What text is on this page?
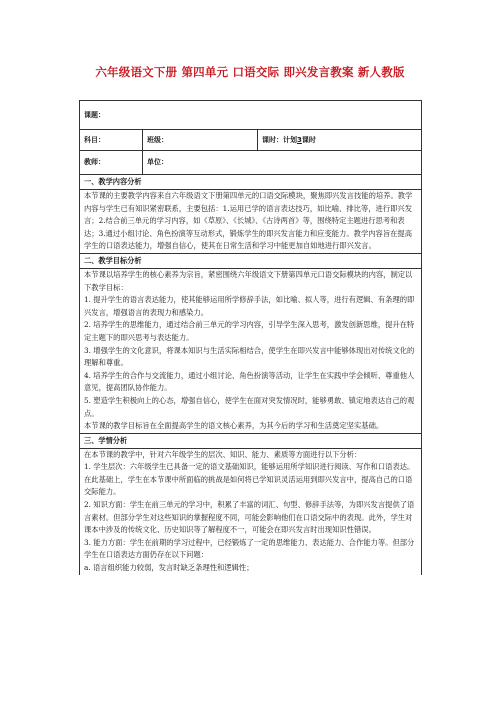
六年级语文下册 第四单元 口语交际 即兴发言教案 新人教版
课题：
科目：	班级：	课时：计划 3 课时
教师：	单位：
一、教学内容分析

本节课的主要教学内容来自六年级语文下册第四单元的口语交际模块，聚焦即兴发言技能的培养。教学内容与学生已有知识紧密联系，主要包括：1.运用已学的语言表达技巧，如比喻、排比等，进行即兴发言；2.结合前三单元的学习内容，如《草原》、《长城》、《古诗两首》等，围绕特定主题进行思考和表达；3.通过小组讨论、角色扮演等互动形式，锻炼学生的即兴发言能力和应变能力。教学内容旨在提高学生的口语表达能力，增强自信心，使其在日常生活和学习中能更加自如地进行即兴发言。

二、教学目标分析

本节课以培养学生的核心素养为宗旨，紧密围绕六年级语文下册第四单元口语交际模块的内容，制定以下教学目标：

1. 提升学生的语言表达能力，使其能够运用所学修辞手法，如比喻、拟人等，进行有逻辑、有条理的即兴发言，增强语言的表现力和感染力。

2. 培养学生的思维能力，通过结合前三单元的学习内容，引导学生深入思考，激发创新思维，提升在特定主题下的即兴思考与表达能力。

3. 增强学生的文化意识，将课本知识与生活实际相结合，使学生在即兴发言中能够体现出对传统文化的理解和尊重。

4. 培养学生的合作与交流能力，通过小组讨论、角色扮演等活动，让学生在实践中学会倾听、尊重他人意见，提高团队协作能力。

5. 塑造学生积极向上的心态，增强自信心，使学生在面对突发情况时，能够勇敢、镇定地表达自己的观点。

本节课的教学目标旨在全面提高学生的语文核心素养，为其今后的学习和生活奠定坚实基础。

三、学情分析

在本节课的教学中，针对六年级学生的层次、知识、能力、素质等方面进行以下分析：

1. 学生层次：六年级学生已具备一定的语文基础知识，能够运用所学知识进行阅读、写作和口语表达。在此基础上，学生在本节课中所面临的挑战是如何将已学知识灵活运用到即兴发言中，提高自己的口语交际能力。

2. 知识方面：学生在前三单元的学习中，积累了丰富的词汇、句型、修辞手法等，为即兴发言提供了语言素材。但部分学生对这些知识的掌握程度不同，可能会影响他们在口语交际中的表现。此外，学生对课本中涉及的传统文化、历史知识等了解程度不一，可能会在即兴发言时出现知识性错误。

3. 能力方面：学生在前期的学习过程中，已经锻炼了一定的思维能力、表达能力、合作能力等。但部分学生在口语表达方面仍存在以下问题：

a. 语言组织能力较弱，发言时缺乏条理性和逻辑性；
